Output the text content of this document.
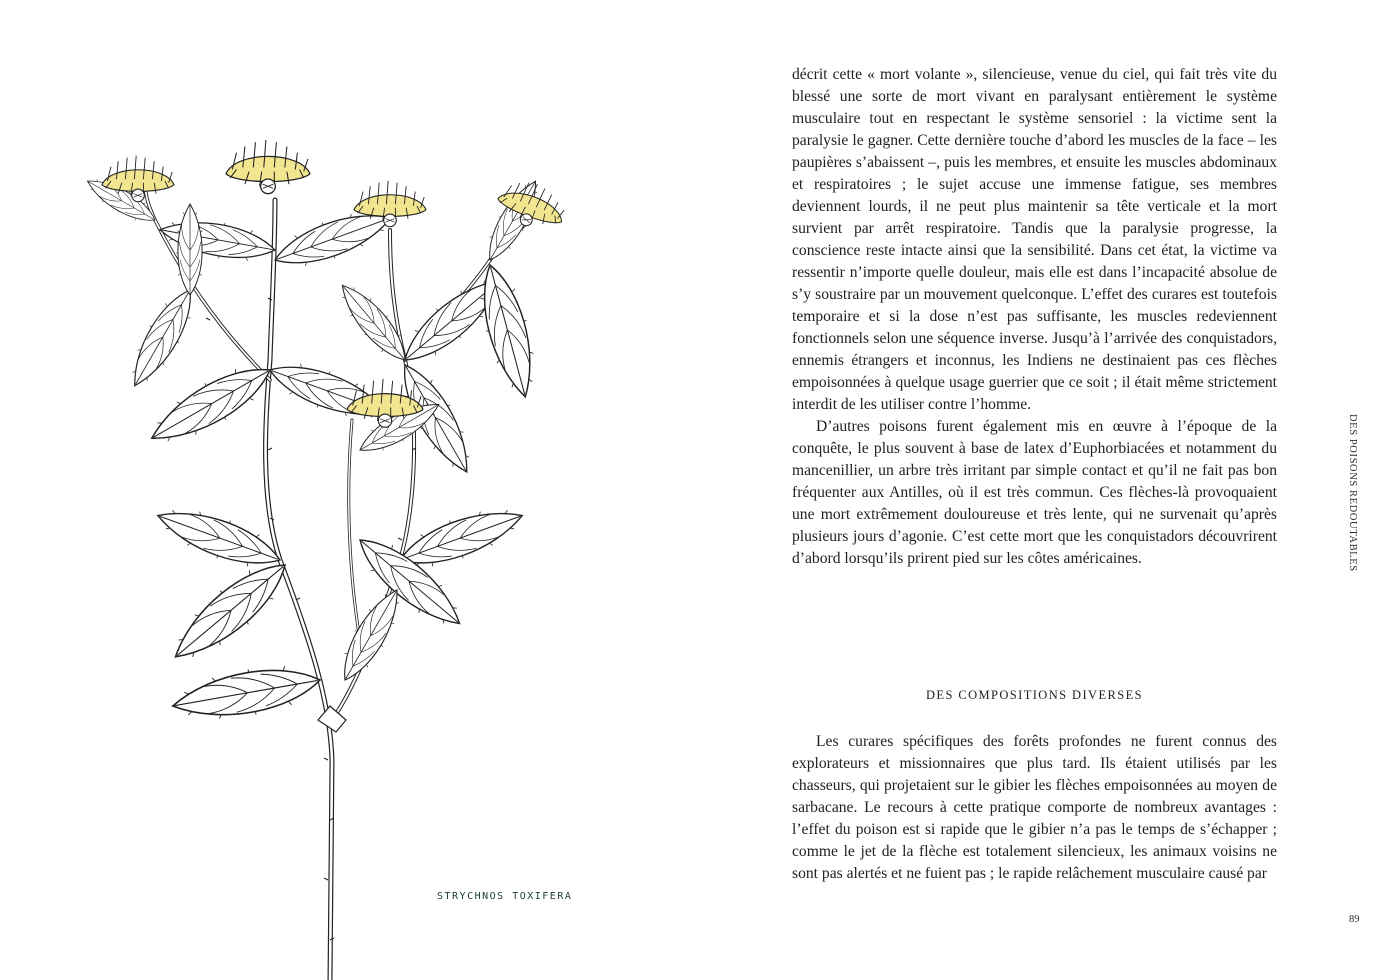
STRYCHNOS TOXIFERA

décrit cette « mort volante », silencieuse, venue du ciel, qui fait très vite du blessé une sorte de mort vivant en paralysant entièrement le système musculaire tout en respectant le système sensoriel : la victime sent la paralysie le gagner. Cette dernière touche d’abord les muscles de la face – les paupières s’abaissent –, puis les membres, et ensuite les muscles abdominaux et respiratoires ; le sujet accuse une immense fatigue, ses membres deviennent lourds, il ne peut plus maintenir sa tête verticale et la mort survient par arrêt respiratoire. Tandis que la paralysie progresse, la conscience reste intacte ainsi que la sensibilité. Dans cet état, la victime va ressentir n’importe quelle douleur, mais elle est dans l’incapacité absolue de s’y soustraire par un mouvement quelconque. L’effet des curares est toutefois temporaire et si la dose n’est pas suffisante, les muscles redeviennent fonctionnels selon une séquence inverse. Jusqu’à l’arrivée des conquistadors, ennemis étrangers et inconnus, les Indiens ne destinaient pas ces flèches empoisonnées à quelque usage guerrier que ce soit ; il était même strictement interdit de les utiliser contre l’homme.

D’autres poisons furent également mis en œuvre à l’époque de la conquête, le plus souvent à base de latex d’Euphorbiacées et notamment du mancenillier, un arbre très irritant par simple contact et qu’il ne fait pas bon fréquenter aux Antilles, où il est très commun. Ces flèches-là provoquaient une mort extrêmement douloureuse et très lente, qui ne survenait qu’après plusieurs jours d’agonie. C’est cette mort que les conquistadors découvrirent d’abord lorsqu’ils prirent pied sur les côtes américaines.

DES COMPOSITIONS DIVERSES

Les curares spécifiques des forêts profondes ne furent connus des explorateurs et missionnaires que plus tard. Ils étaient utilisés par les chasseurs, qui projetaient sur le gibier les flèches empoisonnées au moyen de sarbacane. Le recours à cette pratique comporte de nombreux avantages : l’effet du poison est si rapide que le gibier n’a pas le temps de s’échapper ; comme le jet de la flèche est totalement silencieux, les animaux voisins ne sont pas alertés et ne fuient pas ; le rapide relâchement musculaire causé par

DES POISONS REDOUTABLES
89
